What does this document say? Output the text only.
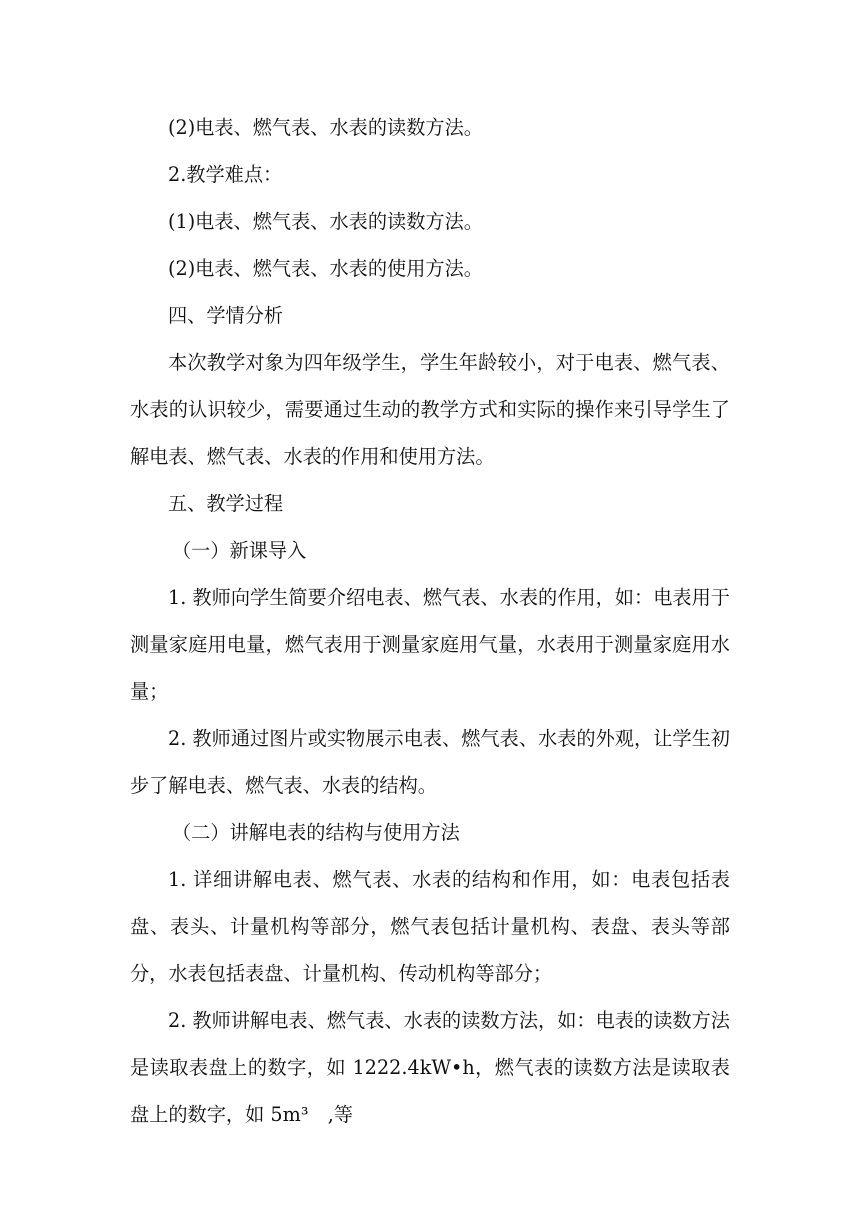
(2)电表、燃气表、水表的读数方法。

2.教学难点：

(1)电表、燃气表、水表的读数方法。

(2)电表、燃气表、水表的使用方法。

四、学情分析

本次教学对象为四年级学生，学生年龄较小，对于电表、燃气表、水表的认识较少，需要通过生动的教学方式和实际的操作来引导学生了解电表、燃气表、水表的作用和使用方法。

五、教学过程

（一）新课导入

1. 教师向学生简要介绍电表、燃气表、水表的作用，如：电表用于测量家庭用电量，燃气表用于测量家庭用气量，水表用于测量家庭用水量；

2. 教师通过图片或实物展示电表、燃气表、水表的外观，让学生初步了解电表、燃气表、水表的结构。

（二）讲解电表的结构与使用方法

1. 详细讲解电表、燃气表、水表的结构和作用，如：电表包括表盘、表头、计量机构等部分，燃气表包括计量机构、表盘、表头等部分，水表包括表盘、计量机构、传动机构等部分；

2. 教师讲解电表、燃气表、水表的读数方法，如：电表的读数方法是读取表盘上的数字，如 1222.4kW•h，燃气表的读数方法是读取表盘上的数字，如 5m³　,等
